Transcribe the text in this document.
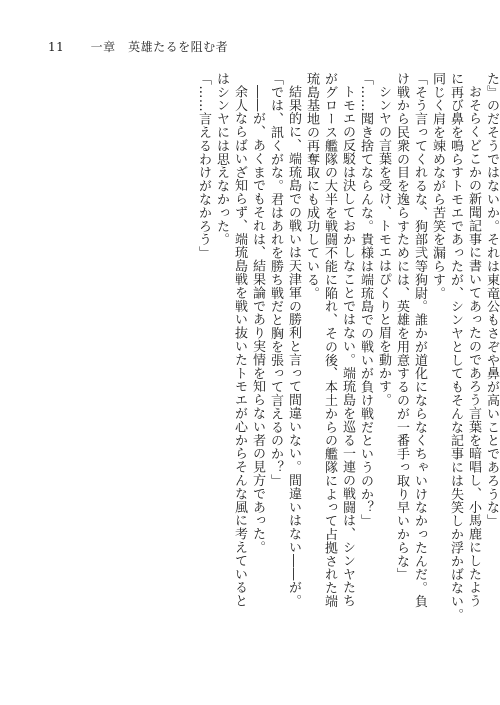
11 一章　英雄たるを阻む者

た』のだそうではないか。それは東竜公もさぞや鼻が高いことであろうな」

おそらくどこかの新聞記事に書いてあったのであろう言葉を暗唱し、小馬鹿にしたよう

に再び鼻を鳴らすトモエであったが、シンヤとしてもそんな記事には失笑しか浮かばない。

同じく肩を竦めながら苦笑を漏らす。

「そう言ってくれるな、狗部弐等狗尉。誰かが道化にならなくちゃいけなかったんだ。負

け戦から民衆の目を逸らすためには、英雄を用意するのが一番手っ取り早いからな」

シンヤの言葉を受け、トモエはぴくりと眉を動かす。

「……聞き捨てならんな。貴様は端琉島での戦いが負け戦だというのか？」

トモエの反駁は決しておかしなことではない。端琉島を巡る一連の戦闘は、シンヤたち

がグロース艦隊の大半を戦闘不能に陥れ、その後、本土からの艦隊によって占拠された端

琉島基地の再奪取にも成功している。

結果的に、端琉島での戦いは天津軍の勝利と言って間違いない。間違いはない――が。

「では、訊くがな。君はあれを勝ち戦だと胸を張って言えるのか？」

――が、あくまでもそれは、結果論であり実情を知らない者の見方であった。

余人ならばいざ知らず、端琉島戦を戦い抜いたトモエが心からそんな風に考えていると

はシンヤには思えなかった。

「……言えるわけがなかろう」
